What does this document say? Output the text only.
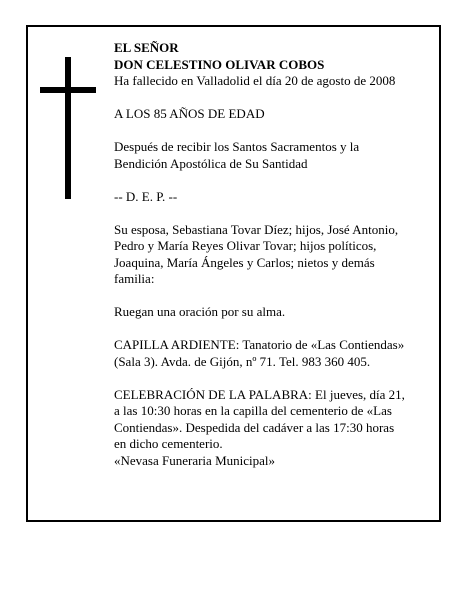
EL SEÑOR
DON CELESTINO OLIVAR COBOS
Ha fallecido en Valladolid el día 20 de agosto de 2008

A LOS 85 AÑOS DE EDAD

Después de recibir los Santos Sacramentos y la
Bendición Apostólica de Su Santidad

-- D. E. P. --

Su esposa, Sebastiana Tovar Díez; hijos, José Antonio,
Pedro y María Reyes Olivar Tovar; hijos políticos,
Joaquina, María Ángeles y Carlos; nietos y demás
familia:

Ruegan una oración por su alma.

CAPILLA ARDIENTE: Tanatorio de «Las Contiendas»
(Sala 3). Avda. de Gijón, nº 71. Tel. 983 360 405.

CELEBRACIÓN DE LA PALABRA: El jueves, día 21,
a las 10:30 horas en la capilla del cementerio de «Las
Contiendas». Despedida del cadáver a las 17:30 horas
en dicho cementerio.
«Nevasa Funeraria Municipal»
